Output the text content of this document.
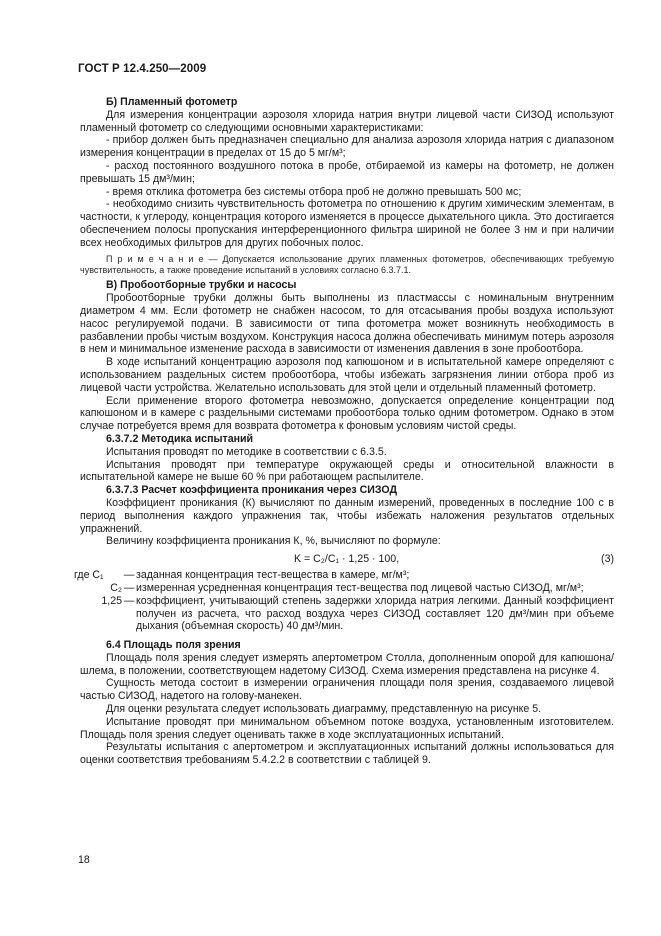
ГОСТ Р 12.4.250—2009

Б) Пламенный фотометр

Для измерения концентрации аэрозоля хлорида натрия внутри лицевой части СИЗОД используют пламенный фотометр со следующими основными характеристиками:

- прибор должен быть предназначен специально для анализа аэрозоля хлорида натрия с диапазоном измерения концентрации в пределах от 15 до 5 мг/м³;

- расход постоянного воздушного потока в пробе, отбираемой из камеры на фотометр, не должен превышать 15 дм³/мин;

- время отклика фотометра без системы отбора проб не должно превышать 500 мс;

- необходимо снизить чувствительность фотометра по отношению к другим химическим элементам, в частности, к углероду, концентрация которого изменяется в процессе дыхательного цикла. Это достигается обеспечением полосы пропускания интерференционного фильтра шириной не более 3 нм и при наличии всех необходимых фильтров для других побочных полос.

П р и м е ч а н и е — Допускается использование других пламенных фотометров, обеспечивающих требуемую чувствительность, а также проведение испытаний в условиях согласно 6.3.7.1.

В) Пробоотборные трубки и насосы

Пробоотборные трубки должны быть выполнены из пластмассы с номинальным внутренним диаметром 4 мм. Если фотометр не снабжен насосом, то для отсасывания пробы воздуха используют насос регулируемой подачи. В зависимости от типа фотометра может возникнуть необходимость в разбавлении пробы чистым воздухом. Конструкция насоса должна обеспечивать минимум потерь аэрозоля в нем и минимальное изменение расхода в зависимости от изменения давления в зоне пробоотбора.

В ходе испытаний концентрацию аэрозоля под капюшоном и в испытательной камере определяют с использованием раздельных систем пробоотбора, чтобы избежать загрязнения линии отбора проб из лицевой части устройства. Желательно использовать для этой цели и отдельный пламенный фотометр.

Если применение второго фотометра невозможно, допускается определение концентрации под капюшоном и в камере с раздельными системами пробоотбора только одним фотометром. Однако в этом случае потребуется время для возврата фотометра к фоновым условиям чистой среды.

6.3.7.2 Методика испытаний

Испытания проводят по методике в соответствии с 6.3.5.

Испытания проводят при температуре окружающей среды и относительной влажности в испытательной камере не выше 60 % при работающем распылителе.

6.3.7.3 Расчет коэффициента проникания через СИЗОД

Коэффициент проникания (К) вычисляют по данным измерений, проведенных в последние 100 с в период выполнения каждого упражнения так, чтобы избежать наложения результатов отдельных упражнений.

Величину коэффициента проникания К, %, вычисляют по формуле:

K = C₂/C₁ · 1,25 · 100,	(3)
где C₁	— заданная концентрация тест-вещества в камере, мг/м³;
C₂ — измеренная усредненная концентрация тест-вещества под лицевой частью СИЗОД, мг/м³;
1,25 — коэффициент, учитывающий степень задержки хлорида натрия легкими. Данный коэффициент получен из расчета, что расход воздуха через СИЗОД составляет 120 дм³/мин при объеме дыхания (объемная скорость) 40 дм³/мин.

6.4 Площадь поля зрения

Площадь поля зрения следует измерять апертометром Столла, дополненным опорой для капюшона/шлема, в положении, соответствующем надетому СИЗОД. Схема измерения представлена на рисунке 4.

Сущность метода состоит в измерении ограничения площади поля зрения, создаваемого лицевой частью СИЗОД, надетого на голову-манекен.

Для оценки результата следует использовать диаграмму, представленную на рисунке 5.

Испытание проводят при минимальном объемном потоке воздуха, установленным изготовителем. Площадь поля зрения следует оценивать также в ходе эксплуатационных испытаний.

Результаты испытания с апертометром и эксплуатационных испытаний должны использоваться для оценки соответствия требованиям 5.4.2.2 в соответствии с таблицей 9.

18
